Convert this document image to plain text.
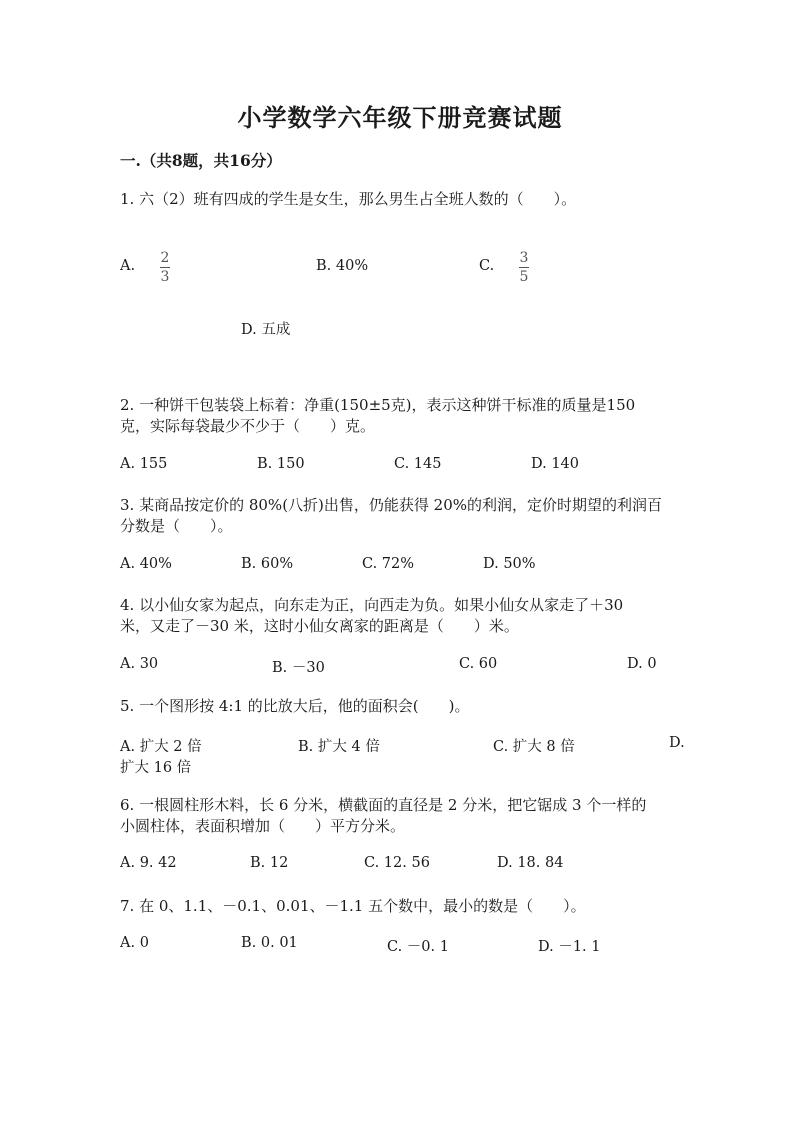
小学数学六年级下册竞赛试题
一.（共8题，共16分）
1. 六（2）班有四成的学生是女生，那么男生占全班人数的（　　）。
A. 2
3
B. 40%	C. 3
5
D. 五成
2. 一种饼干包装袋上标着：净重(150±5克)，表示这种饼干标准的质量是150
克，实际每袋最少不少于（　　）克。
A. 155	B. 150	C. 145	D. 140
3. 某商品按定价的 80%(八折)出售，仍能获得 20%的利润，定价时期望的利润百
分数是（　　）。
A. 40%	B. 60%	C. 72%	D. 50%
4. 以小仙女家为起点，向东走为正，向西走为负。如果小仙女从家走了＋30
米，又走了－30 米，这时小仙女离家的距离是（　　）米。
A. 30	B. －30	C. 60	D. 0
5. 一个图形按 4:1 的比放大后，他的面积会(　　)。
A. 扩大 2 倍	B. 扩大 4 倍	C. 扩大 8 倍	D.
扩大 16 倍
6. 一根圆柱形木料，长 6 分米，横截面的直径是 2 分米，把它锯成 3 个一样的
小圆柱体，表面积增加（　　）平方分米。
A. 9. 42	B. 12	C. 12. 56	D. 18. 84
7. 在 0、1.1、－0.1、0.01、－1.1 五个数中，最小的数是（　　）。
A. 0	B. 0. 01	C. －0. 1	D. －1. 1
